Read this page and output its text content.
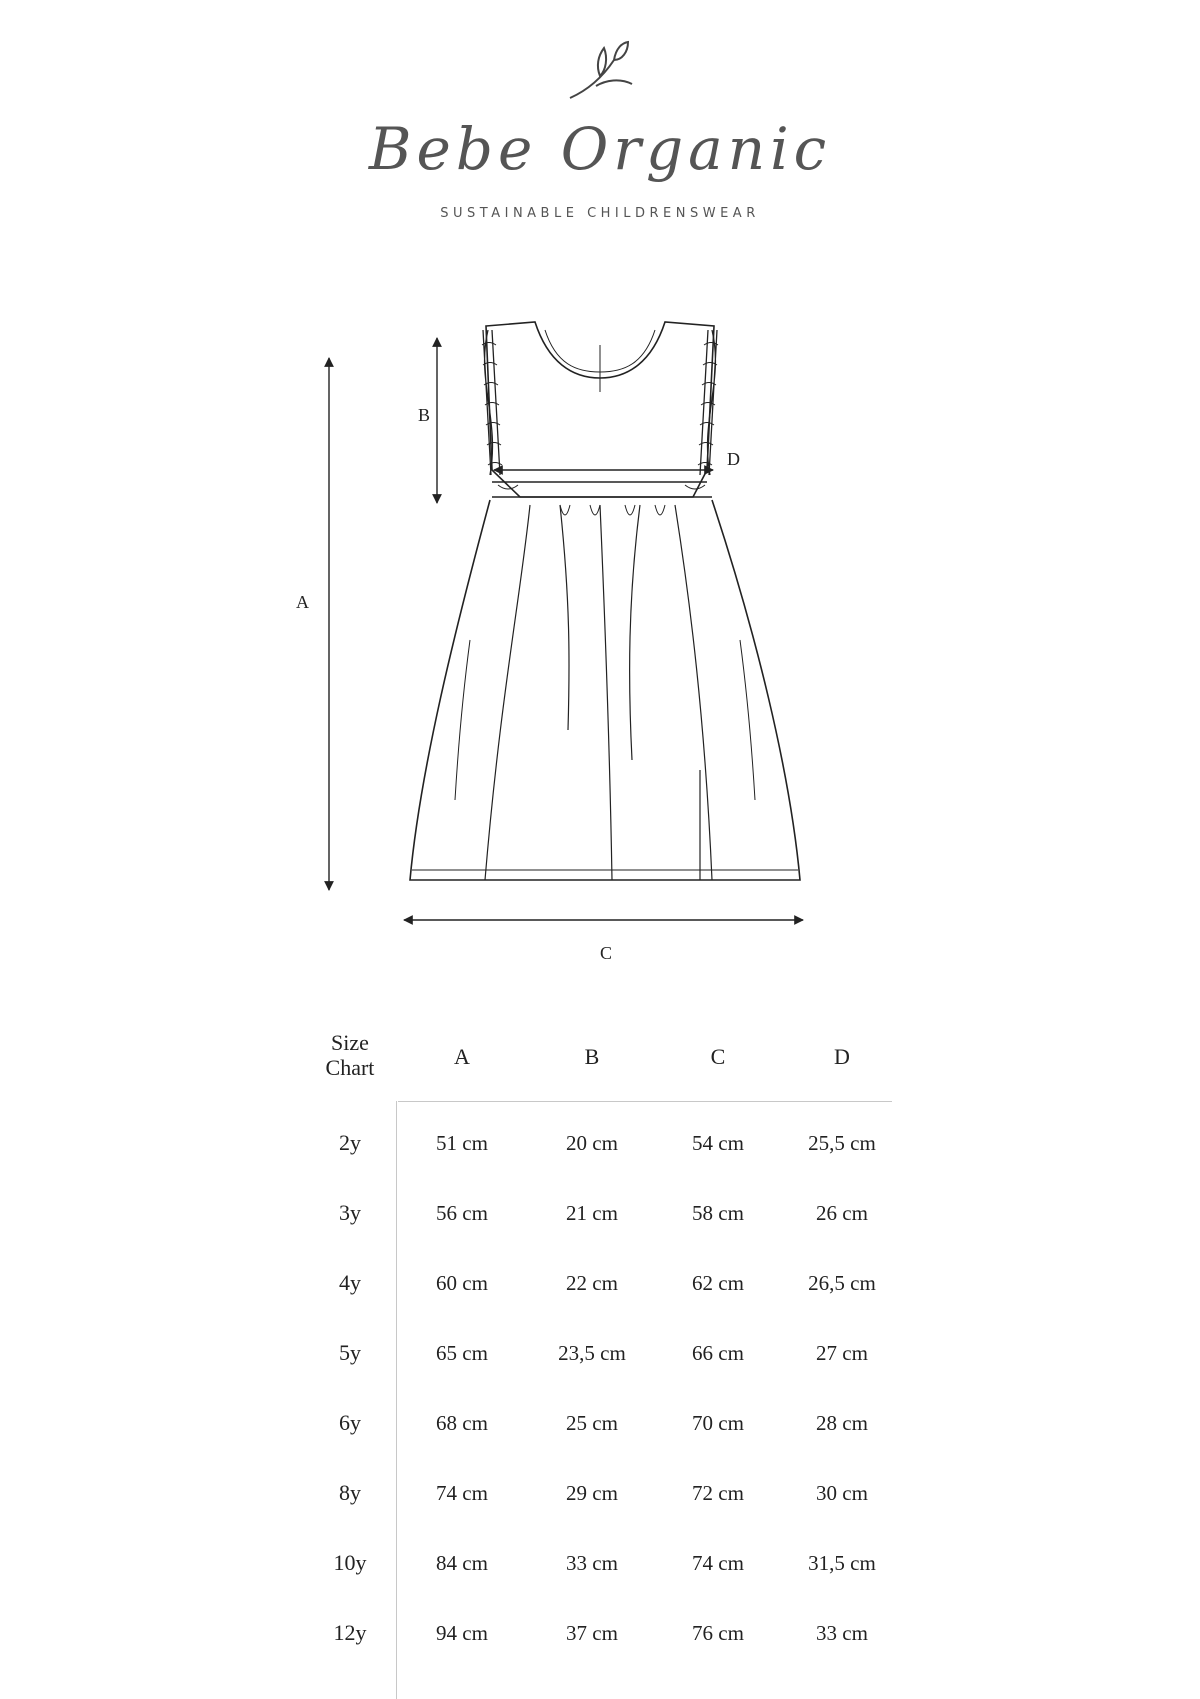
Bebe Organic
SUSTAINABLE CHILDRENSWEAR
A
B
C
D
Size
Chart	A	B	C	D
2y	51 cm	20 cm	54 cm	25,5 cm
3y	56 cm	21 cm	58 cm	26 cm
4y	60 cm	22 cm	62 cm	26,5 cm
5y	65 cm	23,5 cm	66 cm	27 cm
6y	68 cm	25 cm	70 cm	28 cm
8y	74 cm	29 cm	72 cm	30 cm
10y	84 cm	33 cm	74 cm	31,5 cm
12y	94 cm	37 cm	76 cm	33 cm
